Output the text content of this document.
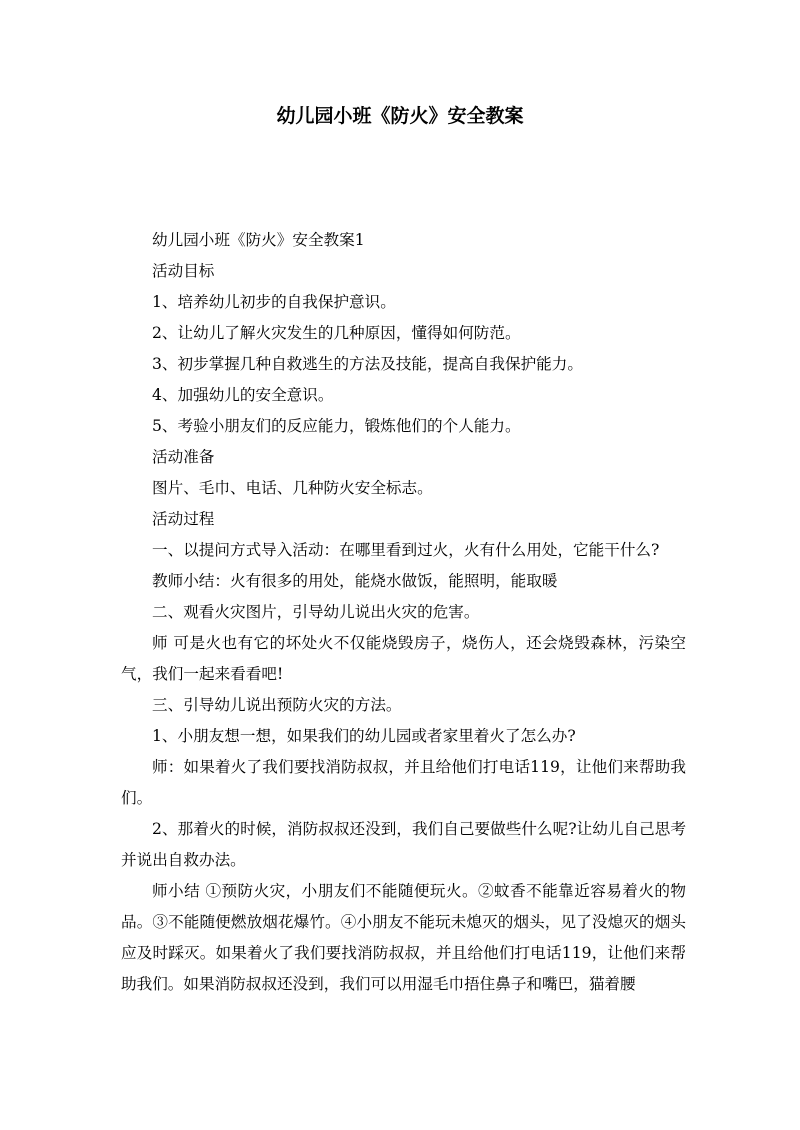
幼儿园小班《防火》安全教案

幼儿园小班《防火》安全教案1

活动目标

1、培养幼儿初步的自我保护意识。

2、让幼儿了解火灾发生的几种原因，懂得如何防范。

3、初步掌握几种自救逃生的方法及技能，提高自我保护能力。

4、加强幼儿的安全意识。

5、考验小朋友们的反应能力，锻炼他们的个人能力。

活动准备

图片、毛巾、电话、几种防火安全标志。

活动过程

一、以提问方式导入活动：在哪里看到过火，火有什么用处，它能干什么?

教师小结：火有很多的用处，能烧水做饭，能照明，能取暖

二、观看火灾图片，引导幼儿说出火灾的危害。

师 可是火也有它的坏处火不仅能烧毁房子，烧伤人，还会烧毁森林，污染空气，我们一起来看看吧!

三、引导幼儿说出预防火灾的方法。

1、小朋友想一想，如果我们的幼儿园或者家里着火了怎么办?

师：如果着火了我们要找消防叔叔，并且给他们打电话119，让他们来帮助我们。

2、那着火的时候，消防叔叔还没到，我们自己要做些什么呢?让幼儿自己思考并说出自救办法。

师小结 ①预防火灾，小朋友们不能随便玩火。②蚊香不能靠近容易着火的物品。③不能随便燃放烟花爆竹。④小朋友不能玩未熄灭的烟头，见了没熄灭的烟头应及时踩灭。如果着火了我们要找消防叔叔，并且给他们打电话119，让他们来帮助我们。如果消防叔叔还没到，我们可以用湿毛巾捂住鼻子和嘴巴，猫着腰
